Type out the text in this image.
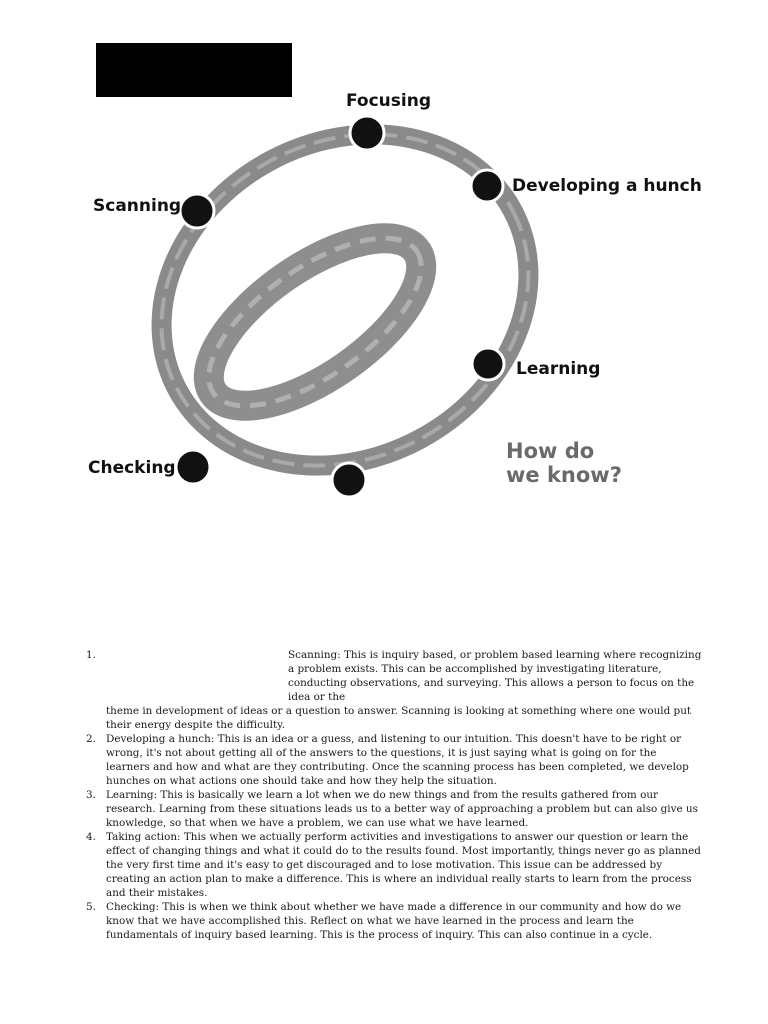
Focusing
Developing a hunch
Scanning
Learning
Checking
How do
we know?
1.	Scanning: This is inquiry based, or problem based learning where recognizing a problem exists. This can be accomplished by investigating literature, conducting observations, and surveying. This allows a person to focus on the idea or the
theme in development of ideas or a question to answer. Scanning is looking at something where one would put their energy despite the difficulty.
2. Developing a hunch: This is an idea or a guess, and listening to our intuition. This doesn't have to be right or wrong, it's not about getting all of the answers to the questions, it is just saying what is going on for the learners and how and what are they contributing. Once the scanning process has been completed, we develop hunches on what actions one should take and how they help the situation.
3. Learning: This is basically we learn a lot when we do new things and from the results gathered from our research. Learning from these situations leads us to a better way of approaching a problem but can also give us knowledge, so that when we have a problem, we can use what we have learned.
4. Taking action: This when we actually perform activities and investigations to answer our question or learn the effect of changing things and what it could do to the results found. Most importantly, things never go as planned the very first time and it's easy to get discouraged and to lose motivation. This issue can be addressed by creating an action plan to make a difference. This is where an individual really starts to learn from the process and their mistakes.
5. Checking: This is when we think about whether we have made a difference in our community and how do we know that we have accomplished this. Reflect on what we have learned in the process and learn the fundamentals of inquiry based learning. This is the process of inquiry. This can also continue in a cycle.
